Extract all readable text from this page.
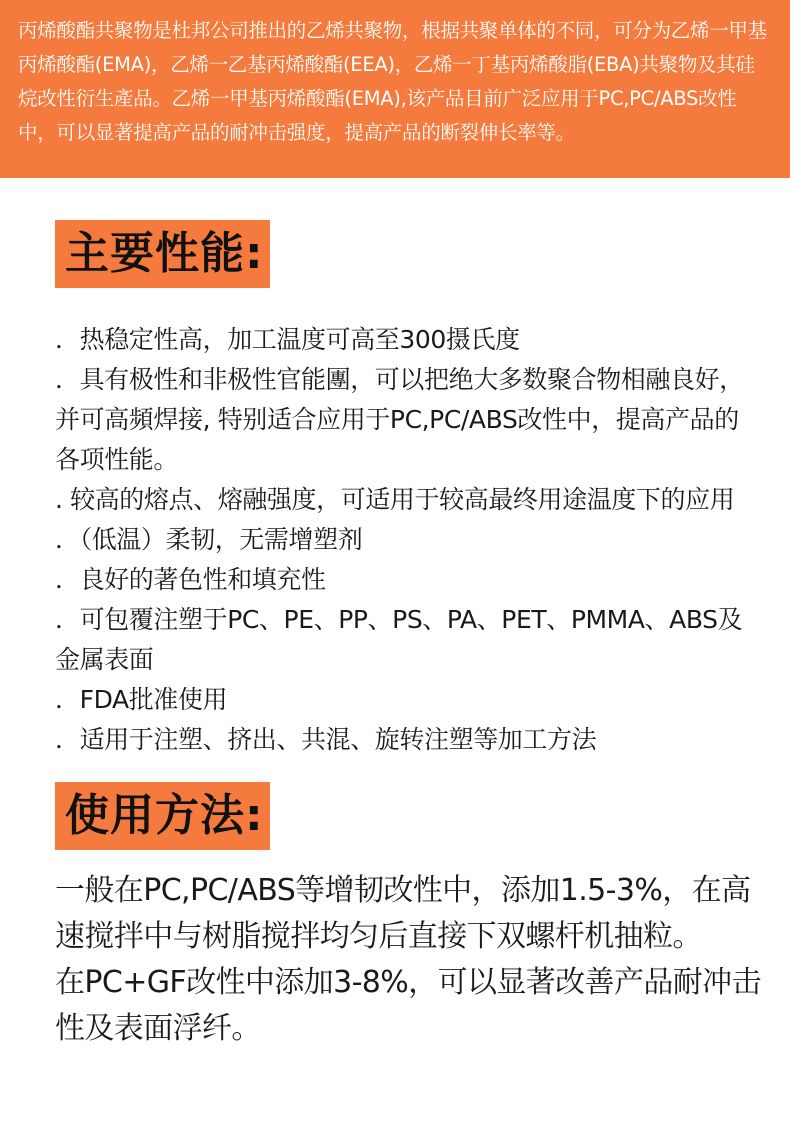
丙烯酸酯共聚物是杜邦公司推出的乙烯共聚物，根据共聚单体的不同，可分为乙烯一甲基丙烯酸酯(EMA)，乙烯一乙基丙烯酸酯(EEA)，乙烯一丁基丙烯酸脂(EBA)共聚物及其硅烷改性衍生產品。乙烯一甲基丙烯酸酯(EMA),该产品目前广泛应用于PC,PC/ABS改性中，可以显著提高产品的耐冲击强度，提高产品的断裂伸长率等。

主要性能:
．热稳定性高，加工温度可高至300摄氏度
．具有极性和非极性官能團，可以把绝大多数聚合物相融良好，并可高頻焊接, 特别适合应用于PC,PC/ABS改性中，提高产品的各项性能。
. 较高的熔点、熔融强度，可适用于较高最终用途温度下的应用
．（低温）柔韧，无需增塑剂
．良好的著色性和填充性
．可包覆注塑于PC、PE、PP、PS、PA、PET、PMMA、ABS及金属表面
．FDA批准使用
．适用于注塑、挤出、共混、旋转注塑等加工方法
使用方法:

一般在PC,PC/ABS等增韧改性中，添加1.5-3%，在高速搅拌中与树脂搅拌均匀后直接下双螺杆机抽粒。

在PC+GF改性中添加3-8%，可以显著改善产品耐冲击性及表面浮纤。
